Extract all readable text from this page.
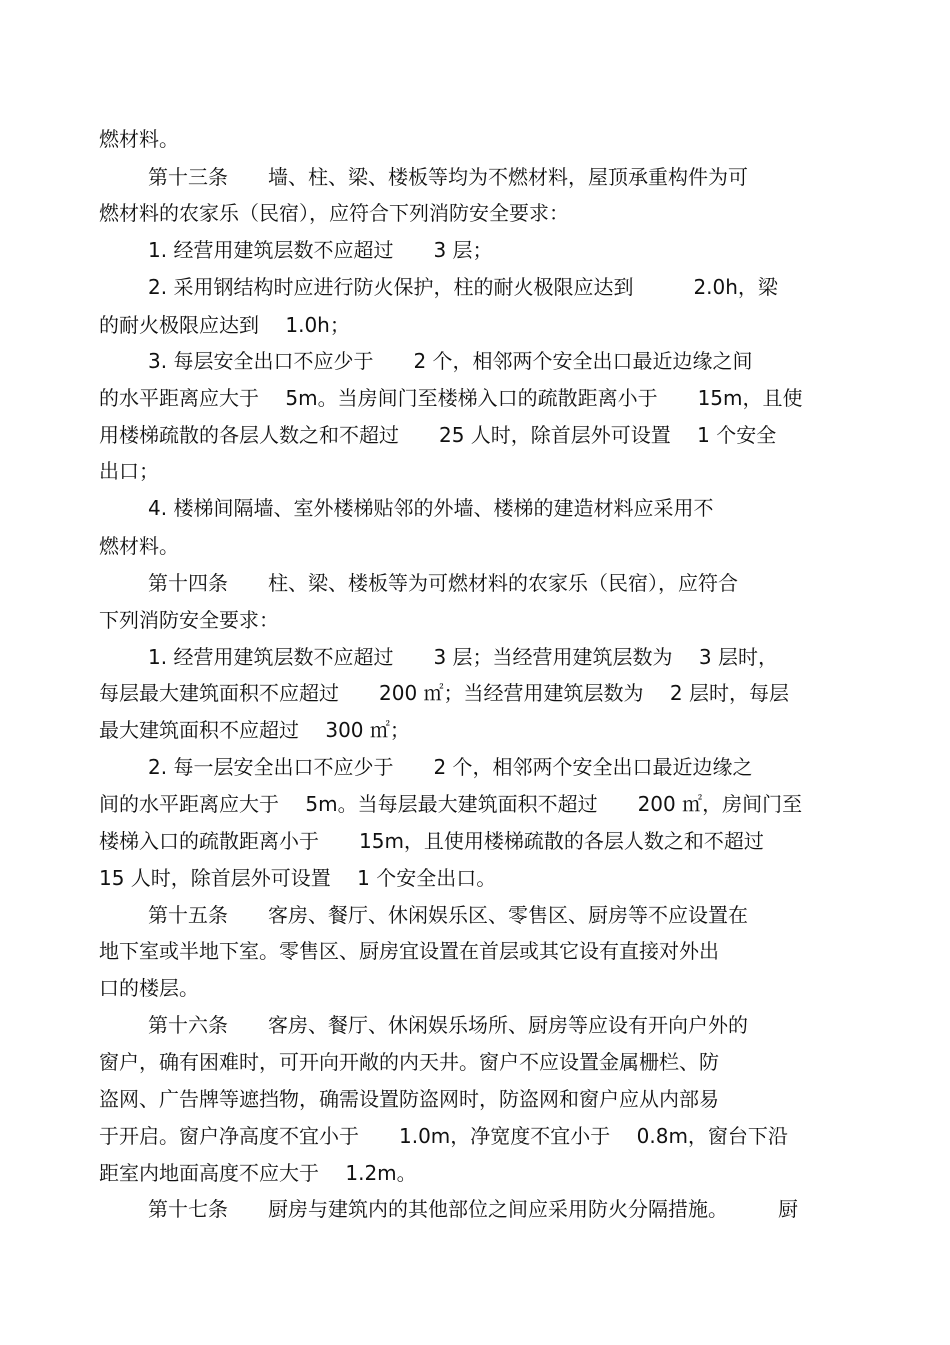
燃材料。

第十三条　　墙、柱、梁、楼板等均为不燃材料，屋顶承重构件为可

燃材料的农家乐（民宿），应符合下列消防安全要求：

1. 经营用建筑层数不应超过　　3 层；

2. 采用钢结构时应进行防火保护，柱的耐火极限应达到　　　2.0h，梁

的耐火极限应达到　 1.0h；

3. 每层安全出口不应少于　　2 个，相邻两个安全出口最近边缘之间

的水平距离应大于　 5m。当房间门至楼梯入口的疏散距离小于　　15m，且使

用楼梯疏散的各层人数之和不超过　　25 人时，除首层外可设置　 1 个安全

出口；

4. 楼梯间隔墙、室外楼梯贴邻的外墙、楼梯的建造材料应采用不

燃材料。

第十四条　　柱、梁、楼板等为可燃材料的农家乐（民宿），应符合

下列消防安全要求：

1. 经营用建筑层数不应超过　　3 层；当经营用建筑层数为　 3 层时，

每层最大建筑面积不应超过　　200 ㎡；当经营用建筑层数为　 2 层时，每层

最大建筑面积不应超过　 300 ㎡；

2. 每一层安全出口不应少于　　2 个，相邻两个安全出口最近边缘之

间的水平距离应大于　 5m。当每层最大建筑面积不超过　　200 ㎡，房间门至

楼梯入口的疏散距离小于　　15m，且使用楼梯疏散的各层人数之和不超过

15 人时，除首层外可设置　 1 个安全出口。

第十五条　　客房、餐厅、休闲娱乐区、零售区、厨房等不应设置在

地下室或半地下室。零售区、厨房宜设置在首层或其它设有直接对外出

口的楼层。

第十六条　　客房、餐厅、休闲娱乐场所、厨房等应设有开向户外的

窗户，确有困难时，可开向开敞的内天井。窗户不应设置金属栅栏、防

盗网、广告牌等遮挡物，确需设置防盗网时，防盗网和窗户应从内部易

于开启。窗户净高度不宜小于　　1.0m，净宽度不宜小于　 0.8m，窗台下沿

距室内地面高度不应大于　 1.2m。

第十七条　　厨房与建筑内的其他部位之间应采用防火分隔措施。　　　厨
